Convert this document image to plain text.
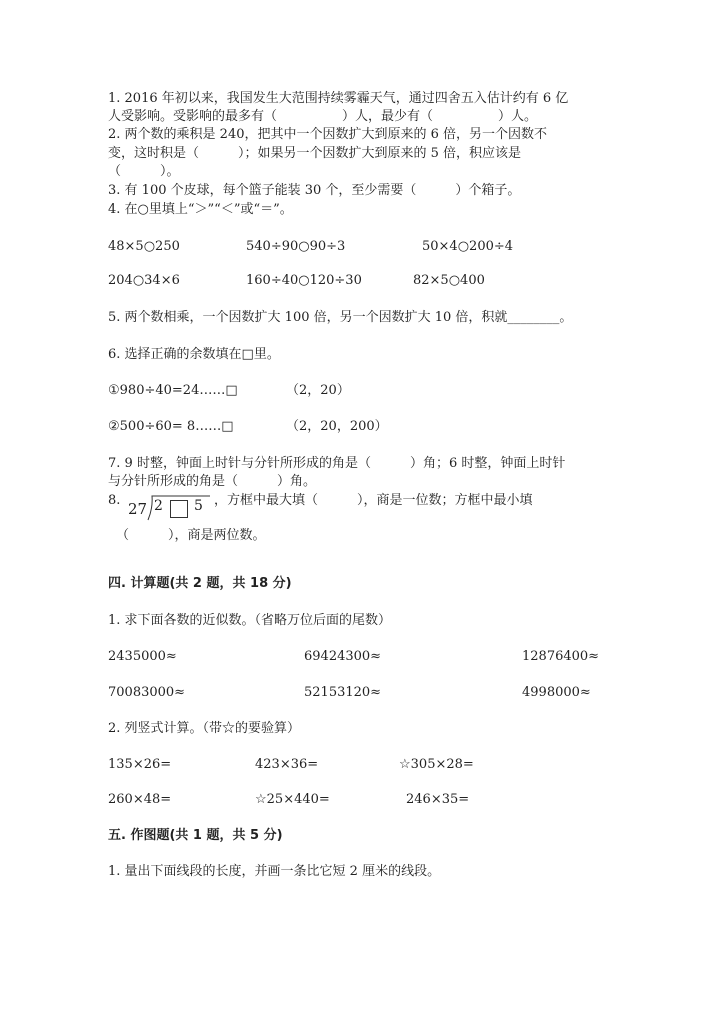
1. 2016 年初以来，我国发生大范围持续雾霾天气，通过四舍五入估计约有 6 亿
人受影响。受影响的最多有（　　　　　）人，最少有（　　　　　）人。
2. 两个数的乘积是 240，把其中一个因数扩大到原来的 6 倍，另一个因数不
变，这时积是（　　　）；如果另一个因数扩大到原来的 5 倍，积应该是
（　　　）。
3. 有 100 个皮球，每个篮子能装 30 个，至少需要（　　　）个箱子。
4. 在○里填上“＞”“＜”或“＝”。
48×5○250	540÷90○90÷3	50×4○200÷4
204○34×6	160÷40○120÷30	82×5○400
5. 两个数相乘，一个因数扩大 100 倍，另一个因数扩大 10 倍，积就________。
6. 选择正确的余数填在□里。
①980÷40=24……□	（2，20）
②500÷60= 8……□	（2，20，200）
7. 9 时整，钟面上时针与分针所形成的角是（　　　）角；6 时整，钟面上时针
与分针所形成的角是（　　　）角。
8. 27 2 5 ，方框中最大填（　　　），商是一位数；方框中最小填
（　　　），商是两位数。
四. 计算题(共 2 题，共 18 分)
1. 求下面各数的近似数。（省略万位后面的尾数）
2435000≈	69424300≈	12876400≈
70083000≈	52153120≈	4998000≈
2. 列竖式计算。（带☆的要验算）
135×26=	423×36=	☆305×28=
260×48=	☆25×440=	246×35=
五. 作图题(共 1 题，共 5 分)
1. 量出下面线段的长度，并画一条比它短 2 厘米的线段。
